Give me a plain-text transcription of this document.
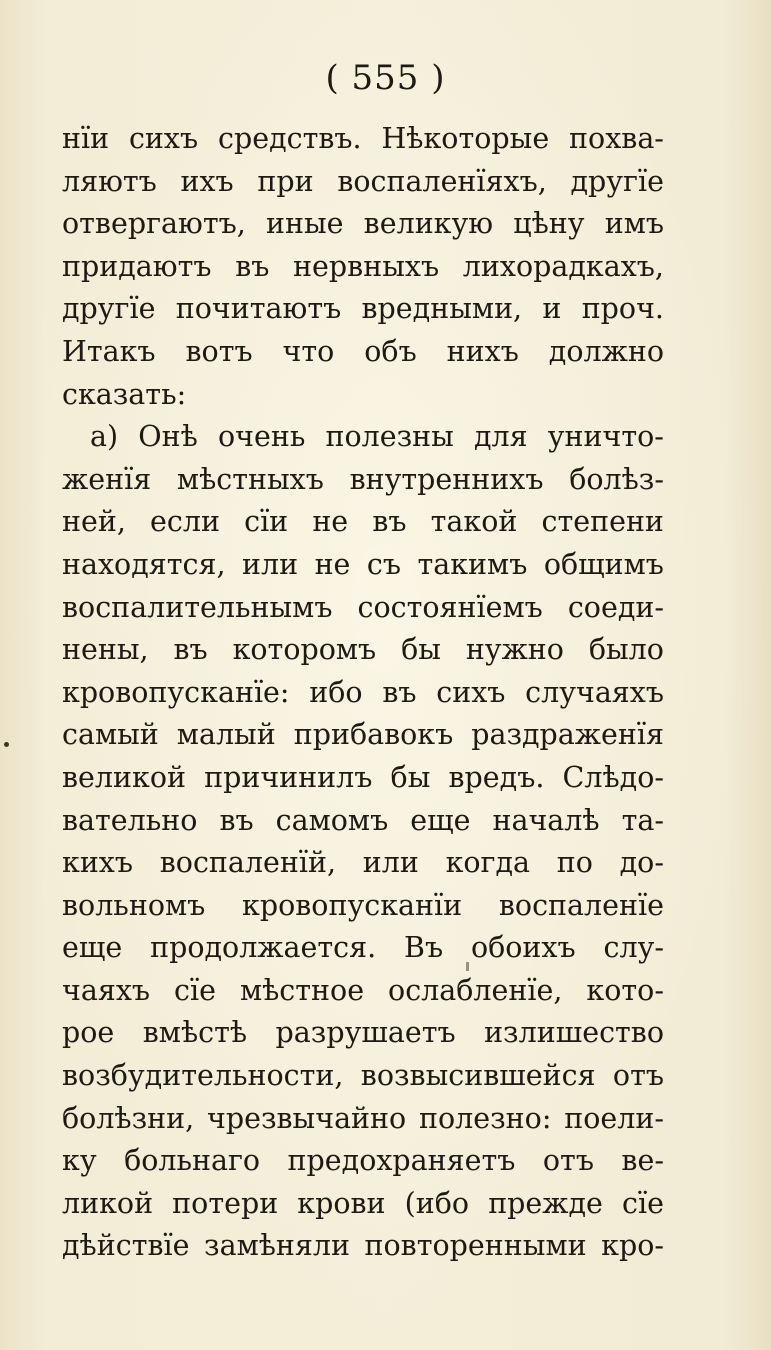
( 555 )
нїи сихъ средствъ. Нѣкоторые похва-
ляютъ ихъ при воспаленїяхъ, другїе
отвергаютъ, иные великую цѣну имъ
придаютъ въ нервныхъ лихорадкахъ,
другїе почитаютъ вредными, и проч.
Итакъ вотъ что объ нихъ должно
сказать:
а) Онѣ очень полезны для уничто-
женїя мѣстныхъ внутреннихъ болѣз-
ней, если сїи не въ такой степени
находятся, или не съ такимъ общимъ
воспалительнымъ состоянїемъ соеди-
нены, въ которомъ бы нужно было
кровопусканїе: ибо въ сихъ случаяхъ
самый малый прибавокъ раздраженїя
великой причинилъ бы вредъ. Слѣдо-
вательно въ самомъ еще началѣ та-
кихъ воспаленїй, или когда по до-
вольномъ кровопусканїи воспаленїе
еще продолжается. Въ обоихъ слу-
чаяхъ сїе мѣстное ослабленїе, кото-
рое вмѣстѣ разрушаетъ излишество
возбудительности, возвысившейся отъ
болѣзни, чрезвычайно полезно: поели-
ку больнаго предохраняетъ отъ ве-
ликой потери крови (ибо прежде сїе
дѣйствїе замѣняли повторенными кро-
